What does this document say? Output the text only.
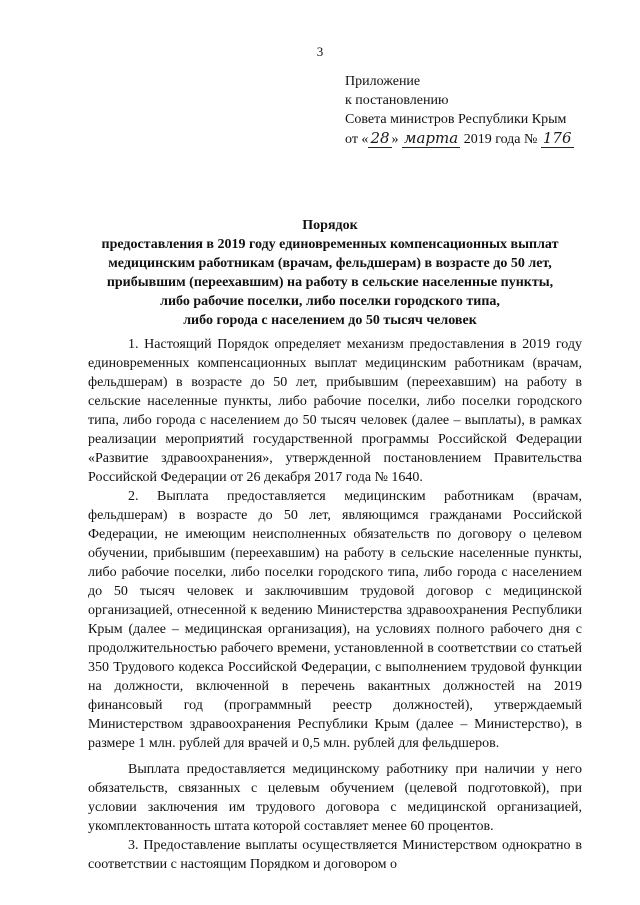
3
Приложение
к постановлению
Совета министров Республики Крым
от « 28 » марта 2019 года № 176
Порядок
предоставления в 2019 году единовременных компенсационных выплат
медицинским работникам (врачам, фельдшерам) в возрасте до 50 лет,
прибывшим (переехавшим) на работу в сельские населенные пункты,
либо рабочие поселки, либо поселки городского типа,
либо города с населением до 50 тысяч человек

1. Настоящий Порядок определяет механизм предоставления в 2019 году единовременных компенсационных выплат медицинским работникам (врачам, фельдшерам) в возрасте до 50 лет, прибывшим (переехавшим) на работу в сельские населенные пункты, либо рабочие поселки, либо поселки городского типа, либо города с населением до 50 тысяч человек (далее – выплаты), в рамках реализации мероприятий государственной программы Российской Федерации «Развитие здравоохранения», утвержденной постановлением Правительства Российской Федерации от 26 декабря 2017 года № 1640.

2. Выплата предоставляется медицинским работникам (врачам, фельдшерам) в возрасте до 50 лет, являющимся гражданами Российской Федерации, не имеющим неисполненных обязательств по договору о целевом обучении, прибывшим (переехавшим) на работу в сельские населенные пункты, либо рабочие поселки, либо поселки городского типа, либо города с населением до 50 тысяч человек и заключившим трудовой договор с медицинской организацией, отнесенной к ведению Министерства здравоохранения Республики Крым (далее – медицинская организация), на условиях полного рабочего дня с продолжительностью рабочего времени, установленной в соответствии со статьей 350 Трудового кодекса Российской Федерации, с выполнением трудовой функции на должности, включенной в перечень вакантных должностей на 2019 финансовый год (программный реестр должностей), утверждаемый Министерством здравоохранения Республики Крым (далее – Министерство), в размере 1 млн. рублей для врачей и 0,5 млн. рублей для фельдшеров.

Выплата предоставляется медицинскому работнику при наличии у него обязательств, связанных с целевым обучением (целевой подготовкой), при условии заключения им трудового договора с медицинской организацией, укомплектованность штата которой составляет менее 60 процентов.

3. Предоставление выплаты осуществляется Министерством однократно в соответствии с настоящим Порядком и договором о
